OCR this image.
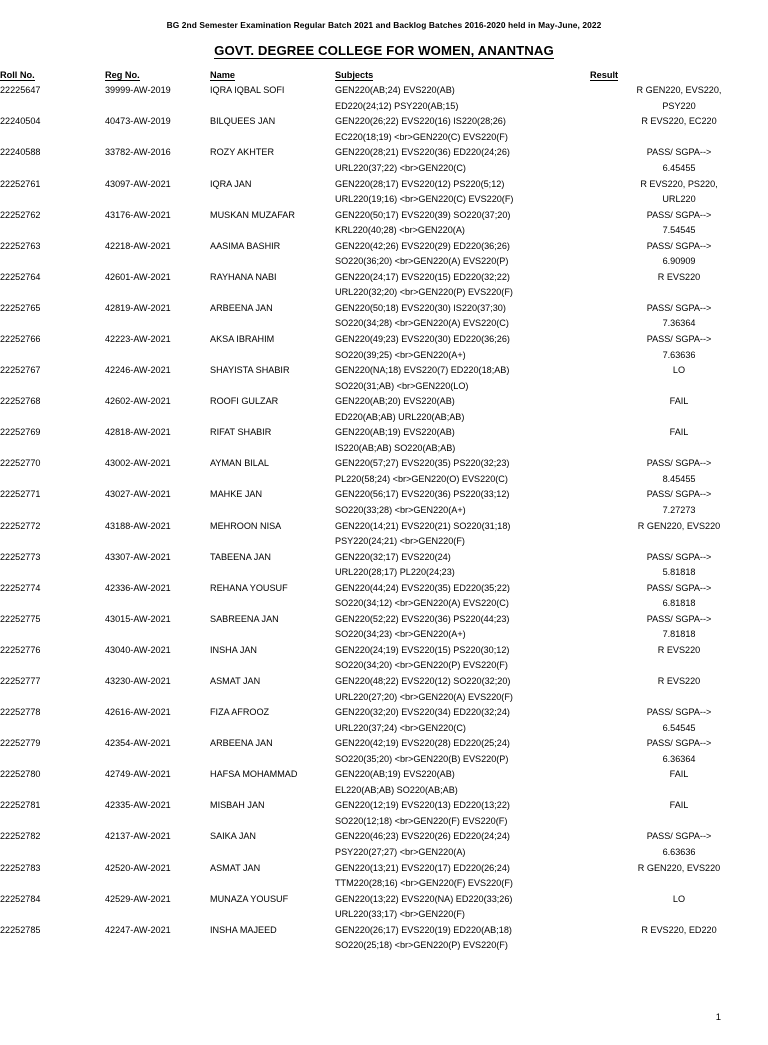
BG 2nd Semester Examination Regular Batch 2021 and Backlog Batches 2016-2020 held in May-June, 2022
GOVT. DEGREE COLLEGE FOR WOMEN, ANANTNAG
Roll No.	Reg No.	Name	Subjects	Result
22225647	39999-AW-2019	IQRA IQBAL SOFI	GEN220(AB;24) EVS220(AB)
ED220(24;12) PSY220(AB;15)	R GEN220, EVS220,
PSY220

22240504	40473-AW-2019	BILQUEES JAN	GEN220(26;22) EVS220(16) IS220(28;26)
EC220(18;19) <br>GEN220(C) EVS220(F)	R EVS220, EC220

22240588	33782-AW-2016	ROZY AKHTER	GEN220(28;21) EVS220(36) ED220(24;26)
URL220(37;22) <br>GEN220(C)	PASS/ SGPA-->
6.45455

22252761	43097-AW-2021	IQRA JAN	GEN220(28;17) EVS220(12) PS220(5;12)
URL220(19;16) <br>GEN220(C) EVS220(F)	R EVS220, PS220,
URL220

22252762	43176-AW-2021	MUSKAN MUZAFAR	GEN220(50;17) EVS220(39) SO220(37;20)
KRL220(40;28) <br>GEN220(A)	PASS/ SGPA-->
7.54545

22252763	42218-AW-2021	AASIMA BASHIR	GEN220(42;26) EVS220(29) ED220(36;26)
SO220(36;20) <br>GEN220(A) EVS220(P)	PASS/ SGPA-->
6.90909

22252764	42601-AW-2021	RAYHANA NABI	GEN220(24;17) EVS220(15) ED220(32;22)
URL220(32;20) <br>GEN220(P) EVS220(F)	R EVS220

22252765	42819-AW-2021	ARBEENA JAN	GEN220(50;18) EVS220(30) IS220(37;30)
SO220(34;28) <br>GEN220(A) EVS220(C)	PASS/ SGPA-->
7.36364

22252766	42223-AW-2021	AKSA IBRAHIM	GEN220(49;23) EVS220(30) ED220(36;26)
SO220(39;25) <br>GEN220(A+)	PASS/ SGPA-->
7.63636

22252767	42246-AW-2021	SHAYISTA SHABIR	GEN220(NA;18) EVS220(7) ED220(18;AB)
SO220(31;AB) <br>GEN220(LO)	LO

22252768	42602-AW-2021	ROOFI GULZAR	GEN220(AB;20) EVS220(AB)
ED220(AB;AB) URL220(AB;AB)	FAIL

22252769	42818-AW-2021	RIFAT SHABIR	GEN220(AB;19) EVS220(AB)
IS220(AB;AB) SO220(AB;AB)	FAIL

22252770	43002-AW-2021	AYMAN BILAL	GEN220(57;27) EVS220(35) PS220(32;23)
PL220(58;24) <br>GEN220(O) EVS220(C)	PASS/ SGPA-->
8.45455

22252771	43027-AW-2021	MAHKE JAN	GEN220(56;17) EVS220(36) PS220(33;12)
SO220(33;28) <br>GEN220(A+)	PASS/ SGPA-->
7.27273

22252772	43188-AW-2021	MEHROON NISA	GEN220(14;21) EVS220(21) SO220(31;18)
PSY220(24;21) <br>GEN220(F)	R GEN220, EVS220

22252773	43307-AW-2021	TABEENA JAN	GEN220(32;17) EVS220(24)
URL220(28;17) PL220(24;23)	PASS/ SGPA-->
5.81818

22252774	42336-AW-2021	REHANA YOUSUF	GEN220(44;24) EVS220(35) ED220(35;22)
SO220(34;12) <br>GEN220(A) EVS220(C)	PASS/ SGPA-->
6.81818

22252775	43015-AW-2021	SABREENA JAN	GEN220(52;22) EVS220(36) PS220(44;23)
SO220(34;23) <br>GEN220(A+)	PASS/ SGPA-->
7.81818

22252776	43040-AW-2021	INSHA JAN	GEN220(24;19) EVS220(15) PS220(30;12)
SO220(34;20) <br>GEN220(P) EVS220(F)	R EVS220

22252777	43230-AW-2021	ASMAT JAN	GEN220(48;22) EVS220(12) SO220(32;20)
URL220(27;20) <br>GEN220(A) EVS220(F)	R EVS220

22252778	42616-AW-2021	FIZA AFROOZ	GEN220(32;20) EVS220(34) ED220(32;24)
URL220(37;24) <br>GEN220(C)	PASS/ SGPA-->
6.54545

22252779	42354-AW-2021	ARBEENA JAN	GEN220(42;19) EVS220(28) ED220(25;24)
SO220(35;20) <br>GEN220(B) EVS220(P)	PASS/ SGPA-->
6.36364

22252780	42749-AW-2021	HAFSA MOHAMMAD	GEN220(AB;19) EVS220(AB)
EL220(AB;AB) SO220(AB;AB)	FAIL

22252781	42335-AW-2021	MISBAH JAN	GEN220(12;19) EVS220(13) ED220(13;22)
SO220(12;18) <br>GEN220(F) EVS220(F)	FAIL

22252782	42137-AW-2021	SAIKA JAN	GEN220(46;23) EVS220(26) ED220(24;24)
PSY220(27;27) <br>GEN220(A)	PASS/ SGPA-->
6.63636

22252783	42520-AW-2021	ASMAT JAN	GEN220(13;21) EVS220(17) ED220(26;24)
TTM220(28;16) <br>GEN220(F) EVS220(F)	R GEN220, EVS220

22252784	42529-AW-2021	MUNAZA YOUSUF	GEN220(13;22) EVS220(NA) ED220(33;26)
URL220(33;17) <br>GEN220(F)	LO

22252785	42247-AW-2021	INSHA MAJEED	GEN220(26;17) EVS220(19) ED220(AB;18)
SO220(25;18) <br>GEN220(P) EVS220(F)	R EVS220, ED220
1
